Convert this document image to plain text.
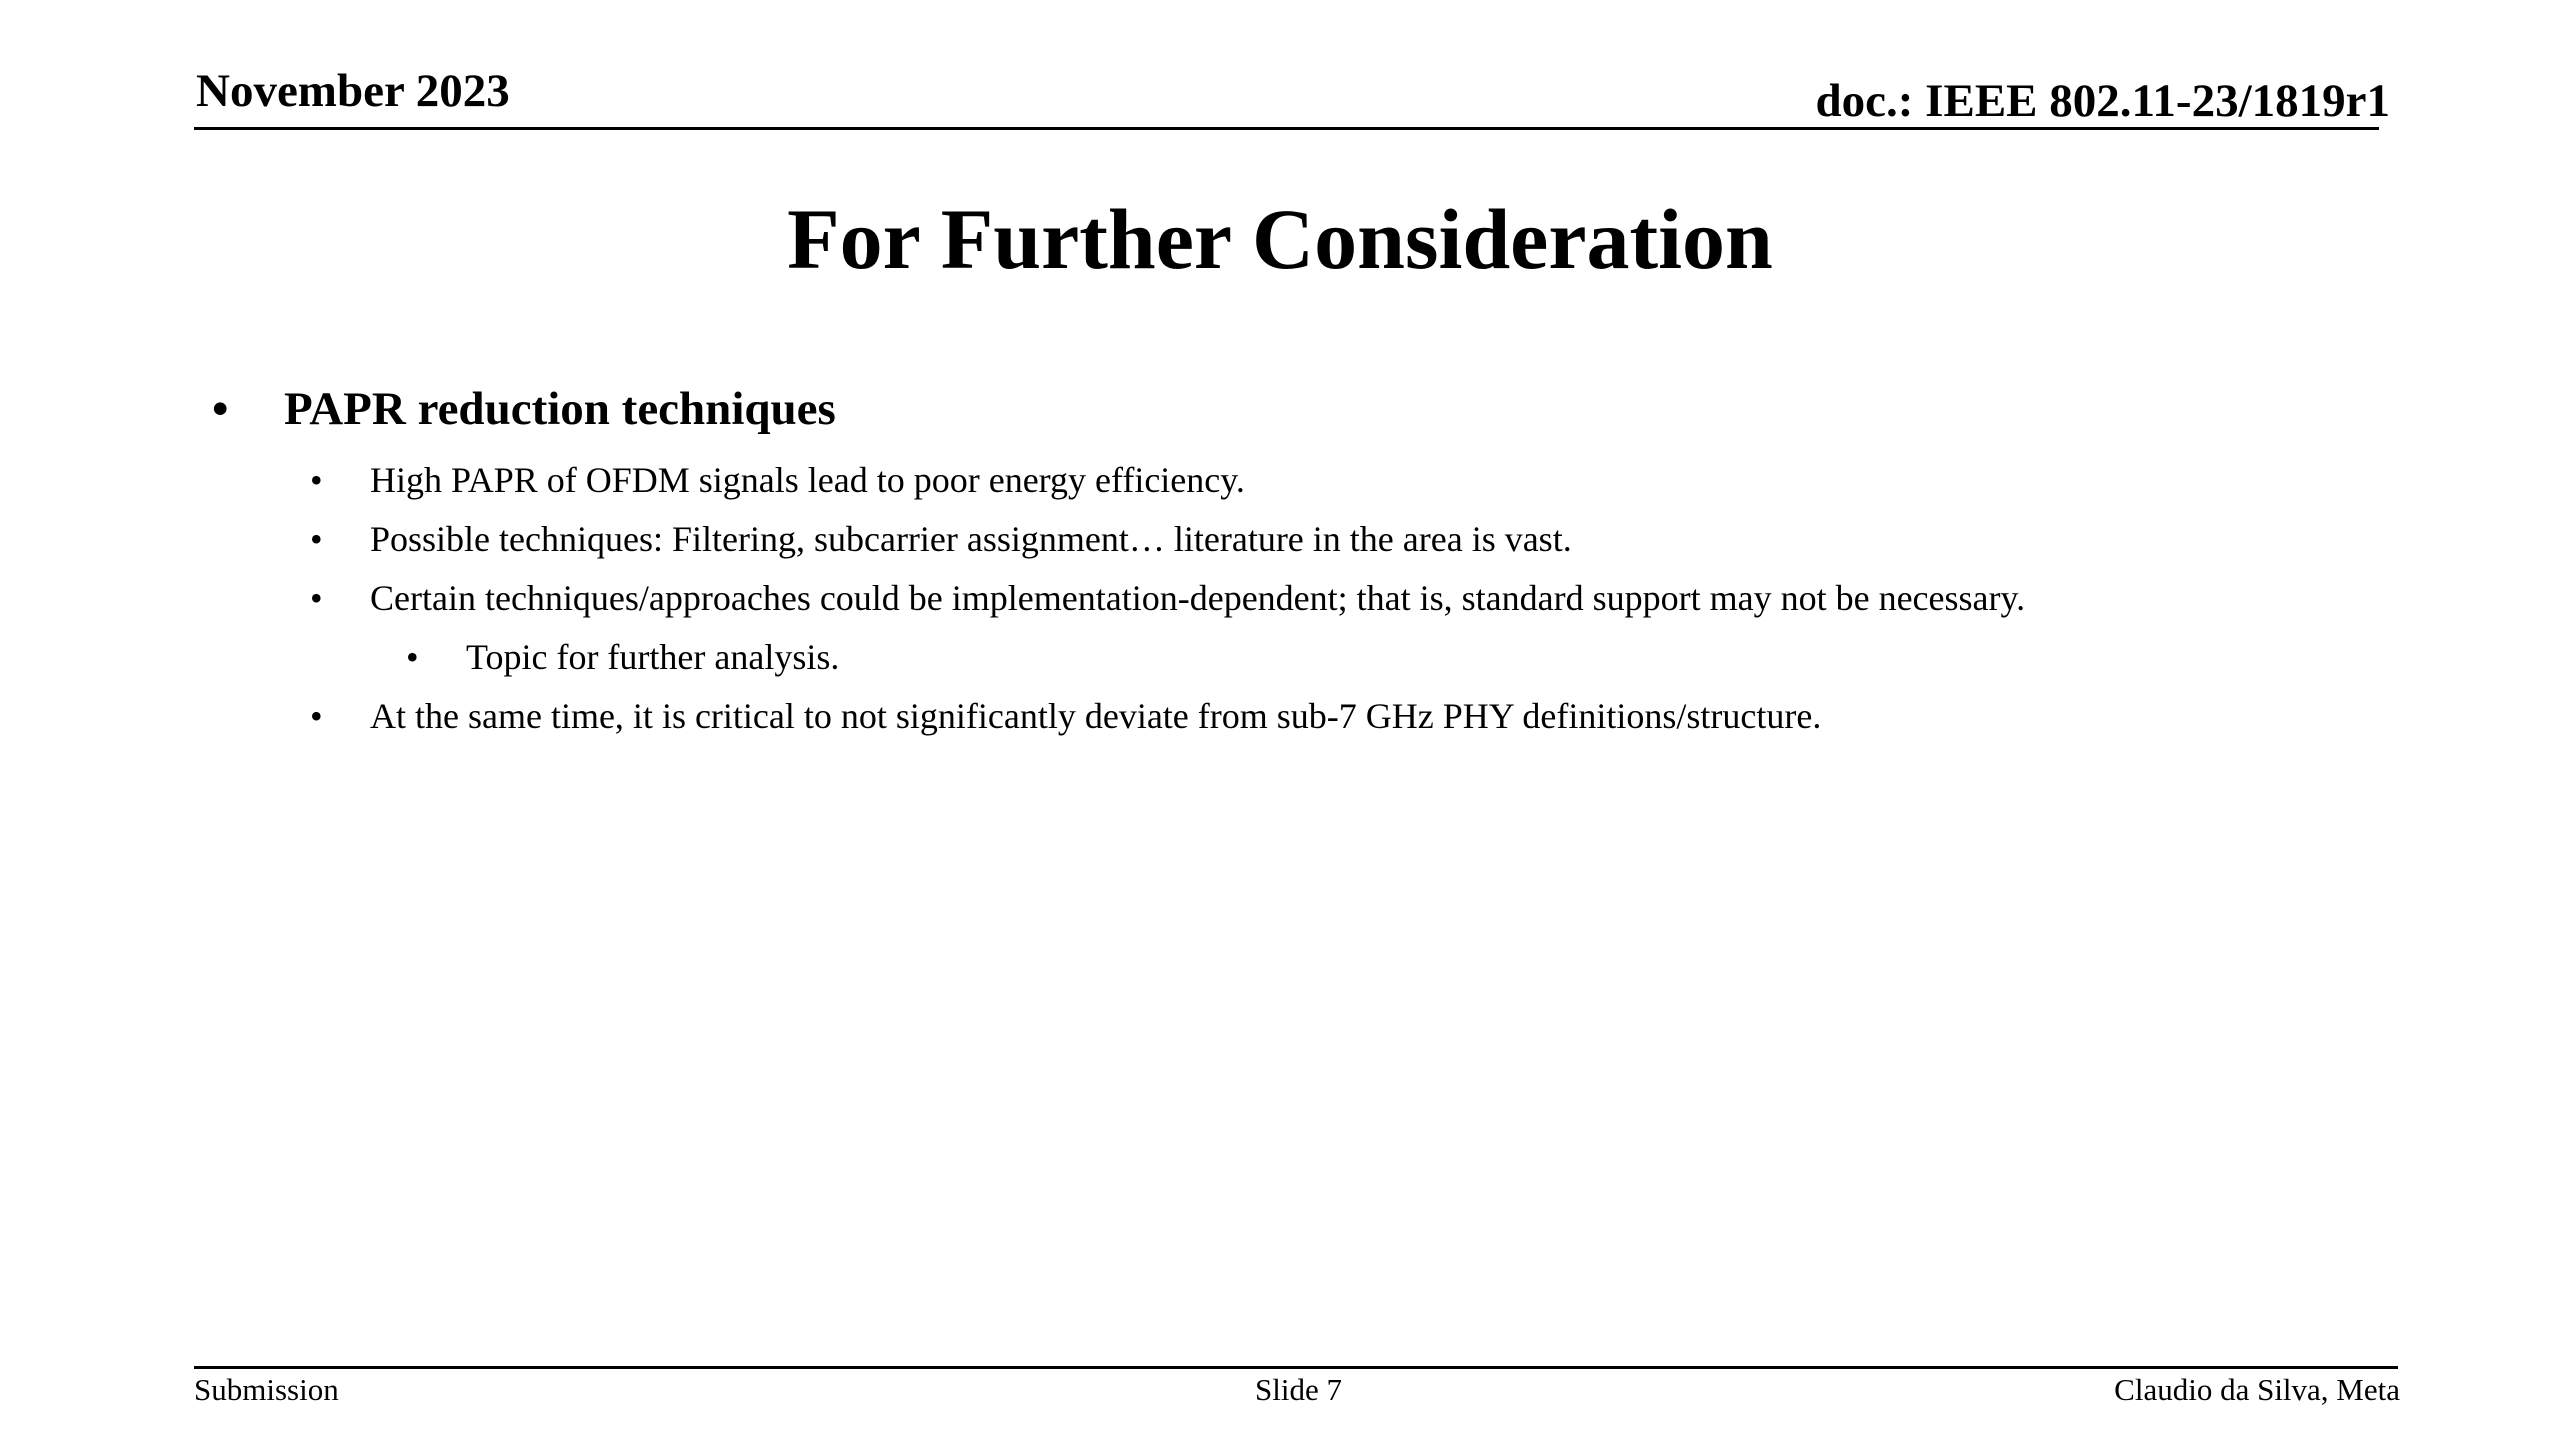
November 2023	doc.: IEEE 802.11-23/1819r1
For Further Consideration
• PAPR reduction techniques
• High PAPR of OFDM signals lead to poor energy efficiency.
• Possible techniques: Filtering, subcarrier assignment… literature in the area is vast.
• Certain techniques/approaches could be implementation-dependent; that is, standard support may not be necessary.
• Topic for further analysis.
• At the same time, it is critical to not significantly deviate from sub-7 GHz PHY definitions/structure.
Submission	Slide 7	Claudio da Silva, Meta
